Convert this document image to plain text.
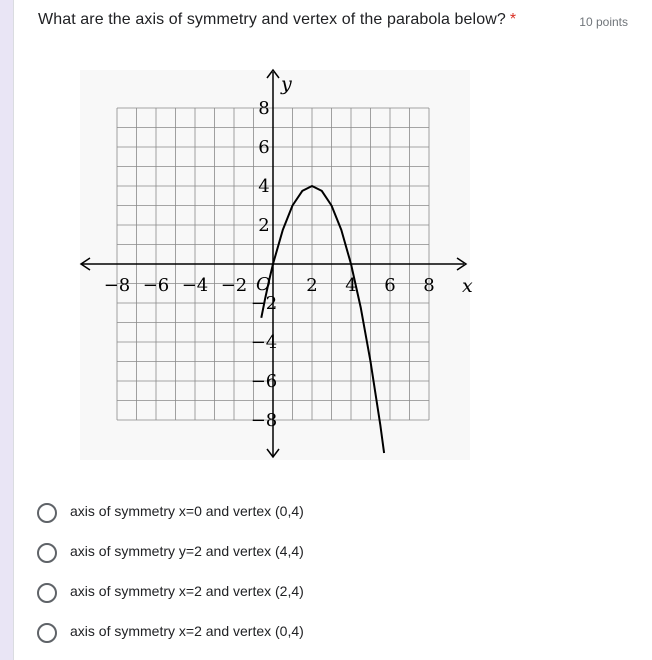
What are the axis of symmetry and vertex of the parabola below? *	10 points
−8 −6 −4 −2	2 4 6 8
8
6
4
2
−2
−4
−6
−8
x
y
O
axis of symmetry x=0 and vertex (0,4)
axis of symmetry y=2 and vertex (4,4)
axis of symmetry x=2 and vertex (2,4)
axis of symmetry x=2 and vertex (0,4)
